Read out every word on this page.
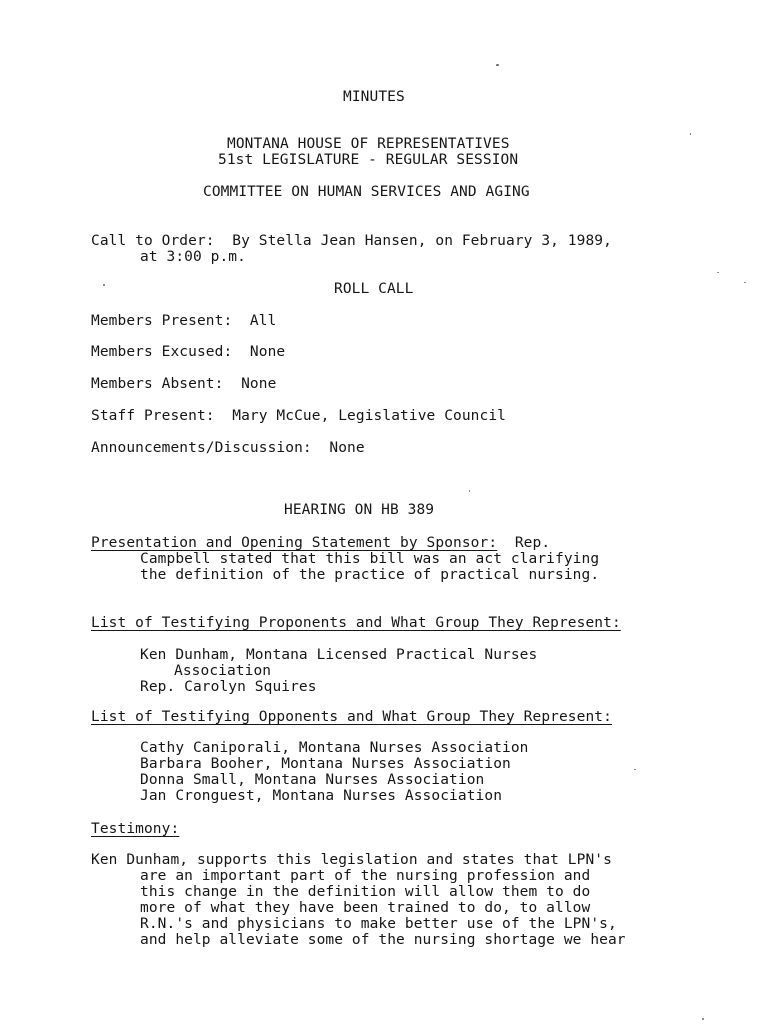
MINUTES
MONTANA HOUSE OF REPRESENTATIVES
51st LEGISLATURE - REGULAR SESSION
COMMITTEE ON HUMAN SERVICES AND AGING
Call to Order:  By Stella Jean Hansen, on February 3, 1989,
at 3:00 p.m.
ROLL CALL
Members Present:  All
Members Excused:  None
Members Absent:  None
Staff Present:  Mary McCue, Legislative Council
Announcements/Discussion:  None
HEARING ON HB 389
Presentation and Opening Statement by Sponsor:  Rep.
Campbell stated that this bill was an act clarifying
the definition of the practice of practical nursing.
List of Testifying Proponents and What Group They Represent:
Ken Dunham, Montana Licensed Practical Nurses
Association
Rep. Carolyn Squires
List of Testifying Opponents and What Group They Represent:
Cathy Caniporali, Montana Nurses Association
Barbara Booher, Montana Nurses Association
Donna Small, Montana Nurses Association
Jan Cronguest, Montana Nurses Association
Testimony:
Ken Dunham, supports this legislation and states that LPN's
are an important part of the nursing profession and
this change in the definition will allow them to do
more of what they have been trained to do, to allow
R.N.'s and physicians to make better use of the LPN's,
and help alleviate some of the nursing shortage we hear
